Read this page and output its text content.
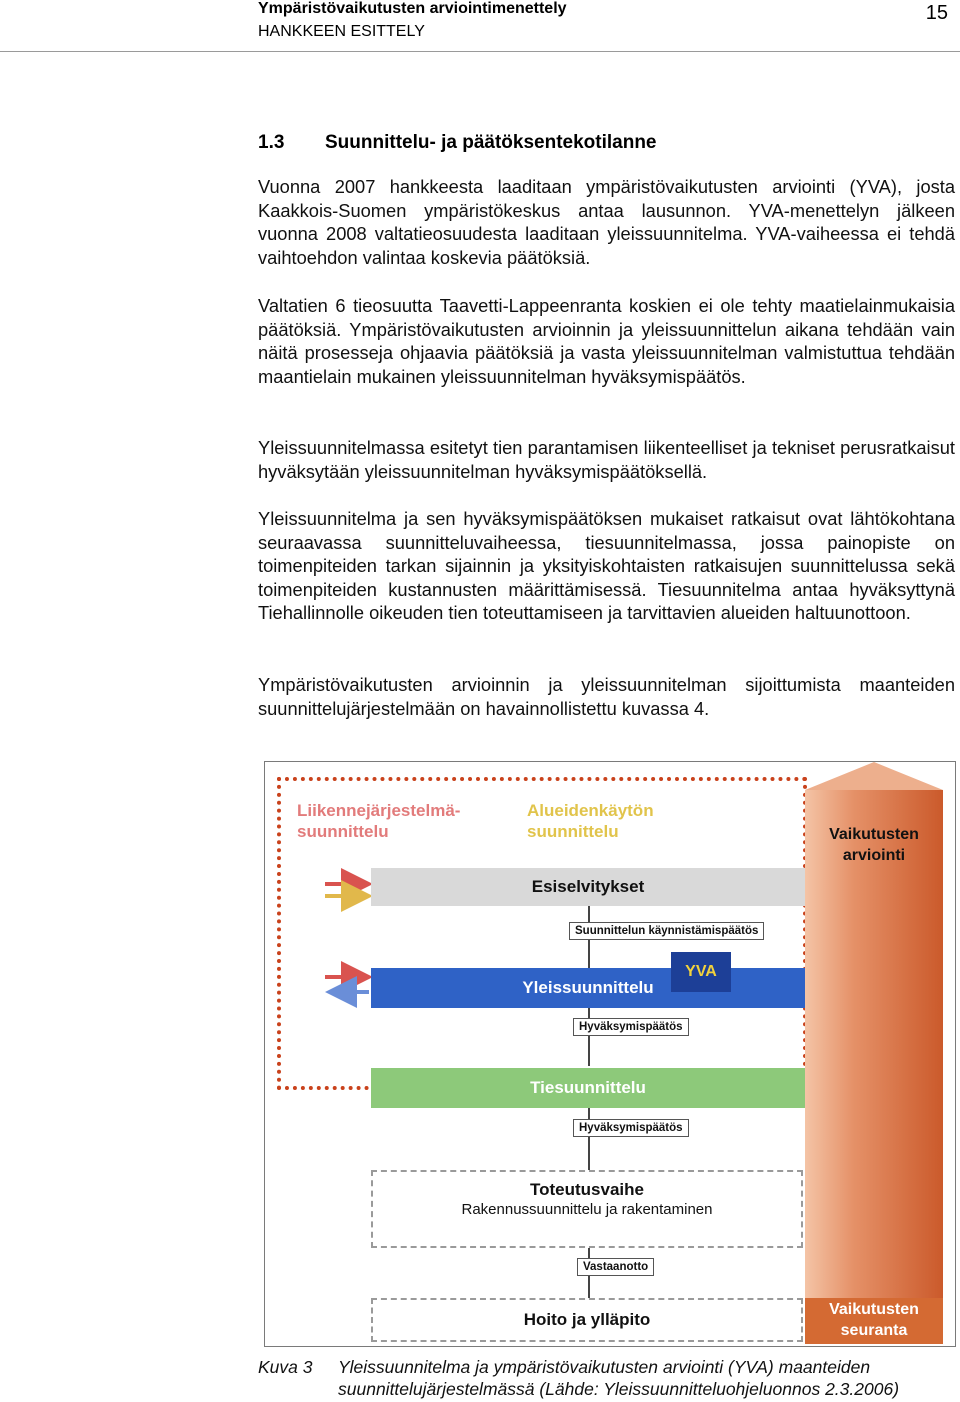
Ympäristövaikutusten arviointimenettely
HANKKEEN ESITTELY
15
1.3 Suunnittelu- ja päätöksentekotilanne

Vuonna 2007 hankkeesta laaditaan ympäristövaikutusten arviointi (YVA), josta Kaakkois-Suomen ympäristökeskus antaa lausunnon. YVA-menettelyn jälkeen vuonna 2008 valtatieosuudesta laaditaan yleissuunnitelma. YVA-vaiheessa ei tehdä vaihtoehdon valintaa koskevia päätöksiä.

Valtatien 6 tieosuutta Taavetti-Lappeenranta koskien ei ole tehty maatielainmukaisia päätöksiä. Ympäristövaikutusten arvioinnin ja yleissuunnittelun aikana tehdään vain näitä prosesseja ohjaavia päätöksiä ja vasta yleissuunnitelman valmistuttua tehdään maantielain mukainen yleissuunnitelman hyväksymispäätös.

Yleissuunnitelmassa esitetyt tien parantamisen liikenteelliset ja tekniset perusratkaisut hyväksytään yleissuunnitelman hyväksymispäätöksellä.

Yleissuunnitelma ja sen hyväksymispäätöksen mukaiset ratkaisut ovat lähtökohtana seuraavassa suunnitteluvaiheessa, tiesuunnitelmassa, jossa painopiste on toimenpiteiden tarkan sijainnin ja yksityiskohtaisten ratkaisujen suunnittelussa sekä toimenpiteiden kustannusten määrittämisessä. Tiesuunnitelma antaa hyväksyttynä Tiehallinnolle oikeuden tien toteuttamiseen ja tarvittavien alueiden haltuunottoon.

Ympäristövaikutusten arvioinnin ja yleissuunnitelman sijoittumista maanteiden suunnittelujärjestelmään on havainnollistettu kuvassa 4.

Liikennejärjestelmä-
suunnittelu
Alueidenkäytön
suunnittelu
Esiselvitykset
Suunnittelun käynnistämispäätös
Yleissuunnittelu
YVA
Hyväksymispäätös
Tiesuunnittelu
Hyväksymispäätös
Toteutusvaihe
Rakennussuunnittelu ja rakentaminen
Vastaanotto
Hoito ja ylläpito
Vaikutusten
arviointi
Vaikutusten
seuranta
Kuva 3	Yleissuunnitelma ja ympäristövaikutusten arviointi (YVA) maanteiden suunnittelujärjestelmässä (Lähde: Yleissuunnitteluohjeluonnos 2.3.2006)
